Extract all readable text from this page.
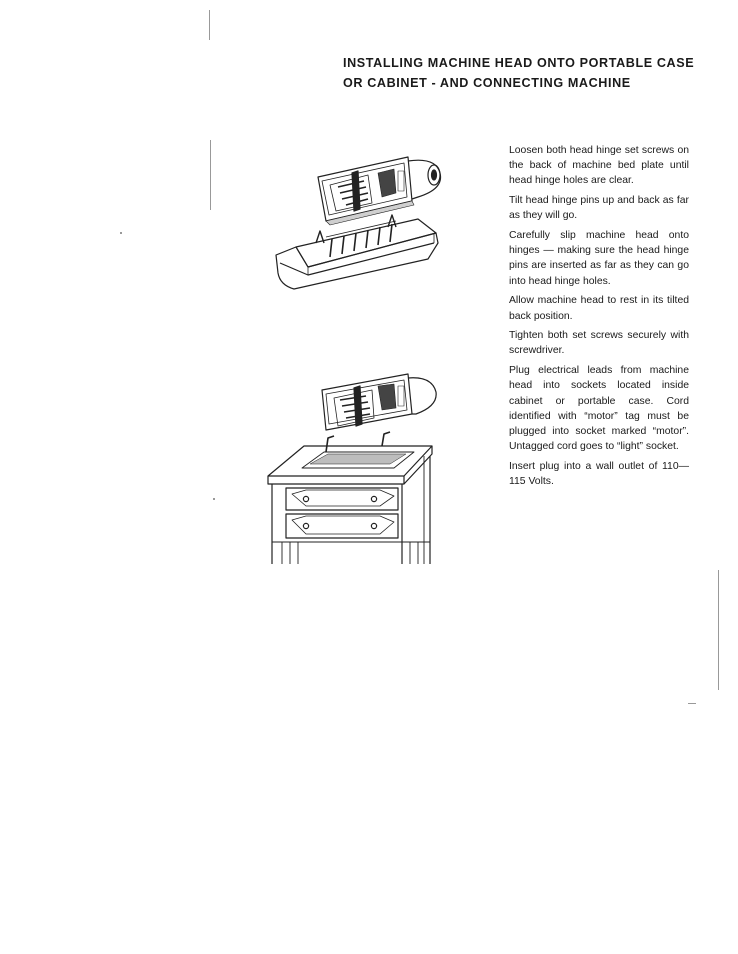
INSTALLING MACHINE HEAD ONTO PORTABLE CASE
OR CABINET - AND CONNECTING MACHINE

Loosen both head hinge set screws on the back of machine bed plate until head hinge holes are clear.

Tilt head hinge pins up and back as far as they will go.

Carefully slip machine head onto hinges — making sure the head hinge pins are inserted as far as they can go into head hinge holes.

Allow machine head to rest in its tilted back position.

Tighten both set screws securely with screwdriver.

Plug electrical leads from machine head into sockets located inside cabinet or portable case. Cord identified with “motor” tag must be plugged into socket marked “motor”. Untagged cord goes to “light” socket.

Insert plug into a wall outlet of 110—115 Volts.
